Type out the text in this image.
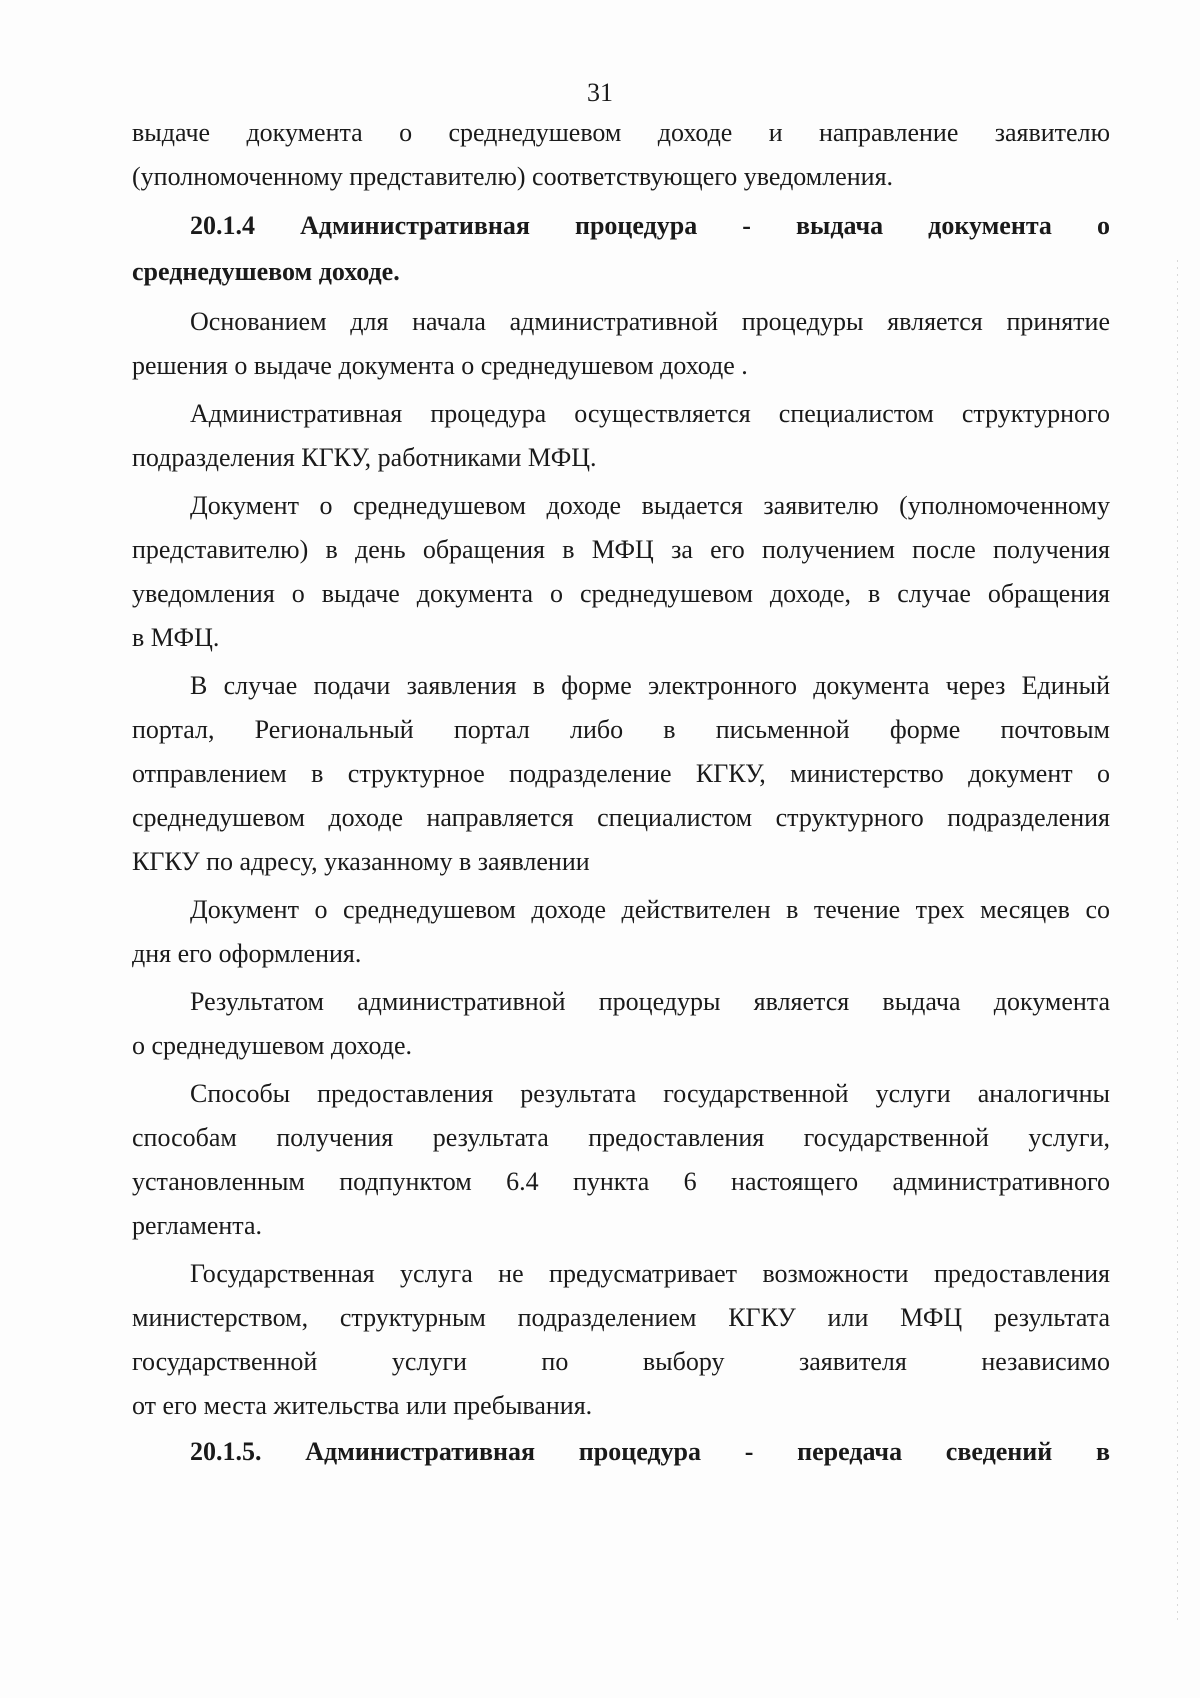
31
выдаче документа о среднедушевом доходе и направление заявителю
(уполномоченному представителю) соответствующего уведомления.
20.1.4 Административная процедура - выдача документа о
среднедушевом доходе.
Основанием для начала административной процедуры является принятие
решения о выдаче документа о среднедушевом доходе .
Административная процедура осуществляется специалистом структурного
подразделения КГКУ, работниками МФЦ.
Документ о среднедушевом доходе выдается заявителю (уполномоченному
представителю) в день обращения в МФЦ за его получением после получения
уведомления о выдаче документа о среднедушевом доходе, в случае обращения
в МФЦ.
В случае подачи заявления в форме электронного документа через Единый
портал, Региональный портал либо в письменной форме почтовым
отправлением в структурное подразделение КГКУ, министерство документ о
среднедушевом доходе направляется специалистом структурного подразделения
КГКУ по адресу, указанному в заявлении
Документ о среднедушевом доходе действителен в течение трех месяцев со
дня его оформления.
Результатом административной процедуры является выдача документа
о среднедушевом доходе.
Способы предоставления результата государственной услуги аналогичны
способам получения результата предоставления государственной услуги,
установленным подпунктом 6.4 пункта 6 настоящего административного
регламента.
Государственная услуга не предусматривает возможности предоставления
министерством, структурным подразделением КГКУ или МФЦ результата
государственной услуги по выбору заявителя независимо
от его места жительства или пребывания.
20.1.5. Административная процедура - передача сведений в
